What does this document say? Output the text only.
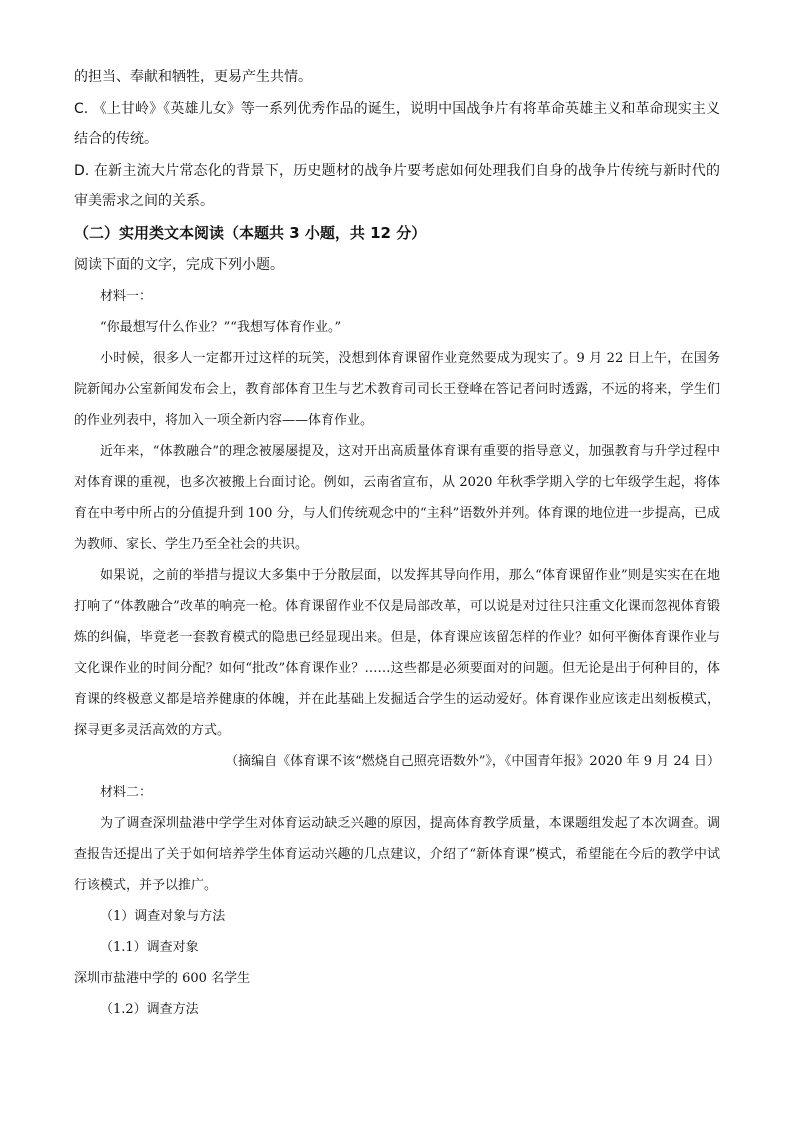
的担当、奉献和牺牲，更易产生共情。

C. 《上甘岭》《英雄儿女》等一系列优秀作品的诞生，说明中国战争片有将革命英雄主义和革命现实主义结合的传统。

D. 在新主流大片常态化的背景下，历史题材的战争片要考虑如何处理我们自身的战争片传统与新时代的审美需求之间的关系。

（二）实用类文本阅读（本题共 3 小题，共 12 分）

阅读下面的文字，完成下列小题。

材料一：

“你最想写什么作业？”“我想写体育作业。”

小时候，很多人一定都开过这样的玩笑，没想到体育课留作业竟然要成为现实了。9 月 22 日上午，在国务院新闻办公室新闻发布会上，教育部体育卫生与艺术教育司司长王登峰在答记者问时透露，不远的将来，学生们的作业列表中，将加入一项全新内容——体育作业。

近年来，“体教融合”的理念被屡屡提及，这对开出高质量体育课有重要的指导意义，加强教育与升学过程中对体育课的重视，也多次被搬上台面讨论。例如，云南省宣布，从 2020 年秋季学期入学的七年级学生起，将体育在中考中所占的分值提升到 100 分，与人们传统观念中的“主科”语数外并列。体育课的地位进一步提高，已成为教师、家长、学生乃至全社会的共识。

如果说，之前的举措与提议大多集中于分散层面，以发挥其导向作用，那么“体育课留作业”则是实实在在地打响了“体教融合”改革的响亮一枪。体育课留作业不仅是局部改革，可以说是对过往只注重文化课而忽视体育锻炼的纠偏，毕竟老一套教育模式的隐患已经显现出来。但是，体育课应该留怎样的作业？如何平衡体育课作业与文化课作业的时间分配？如何“批改”体育课作业？……这些都是必须要面对的问题。但无论是出于何种目的，体育课的终极意义都是培养健康的体魄，并在此基础上发掘适合学生的运动爱好。体育课作业应该走出刻板模式，探寻更多灵活高效的方式。

（摘编自《体育课不该“燃烧自己照亮语数外”》，《中国青年报》2020 年 9 月 24 日）

材料二：

为了调查深圳盐港中学学生对体育运动缺乏兴趣的原因，提高体育教学质量，本课题组发起了本次调查。调查报告还提出了关于如何培养学生体育运动兴趣的几点建议，介绍了“新体育课”模式，希望能在今后的教学中试行该模式，并予以推广。

（1）调查对象与方法

（1.1）调查对象

深圳市盐港中学的 600 名学生

（1.2）调查方法
